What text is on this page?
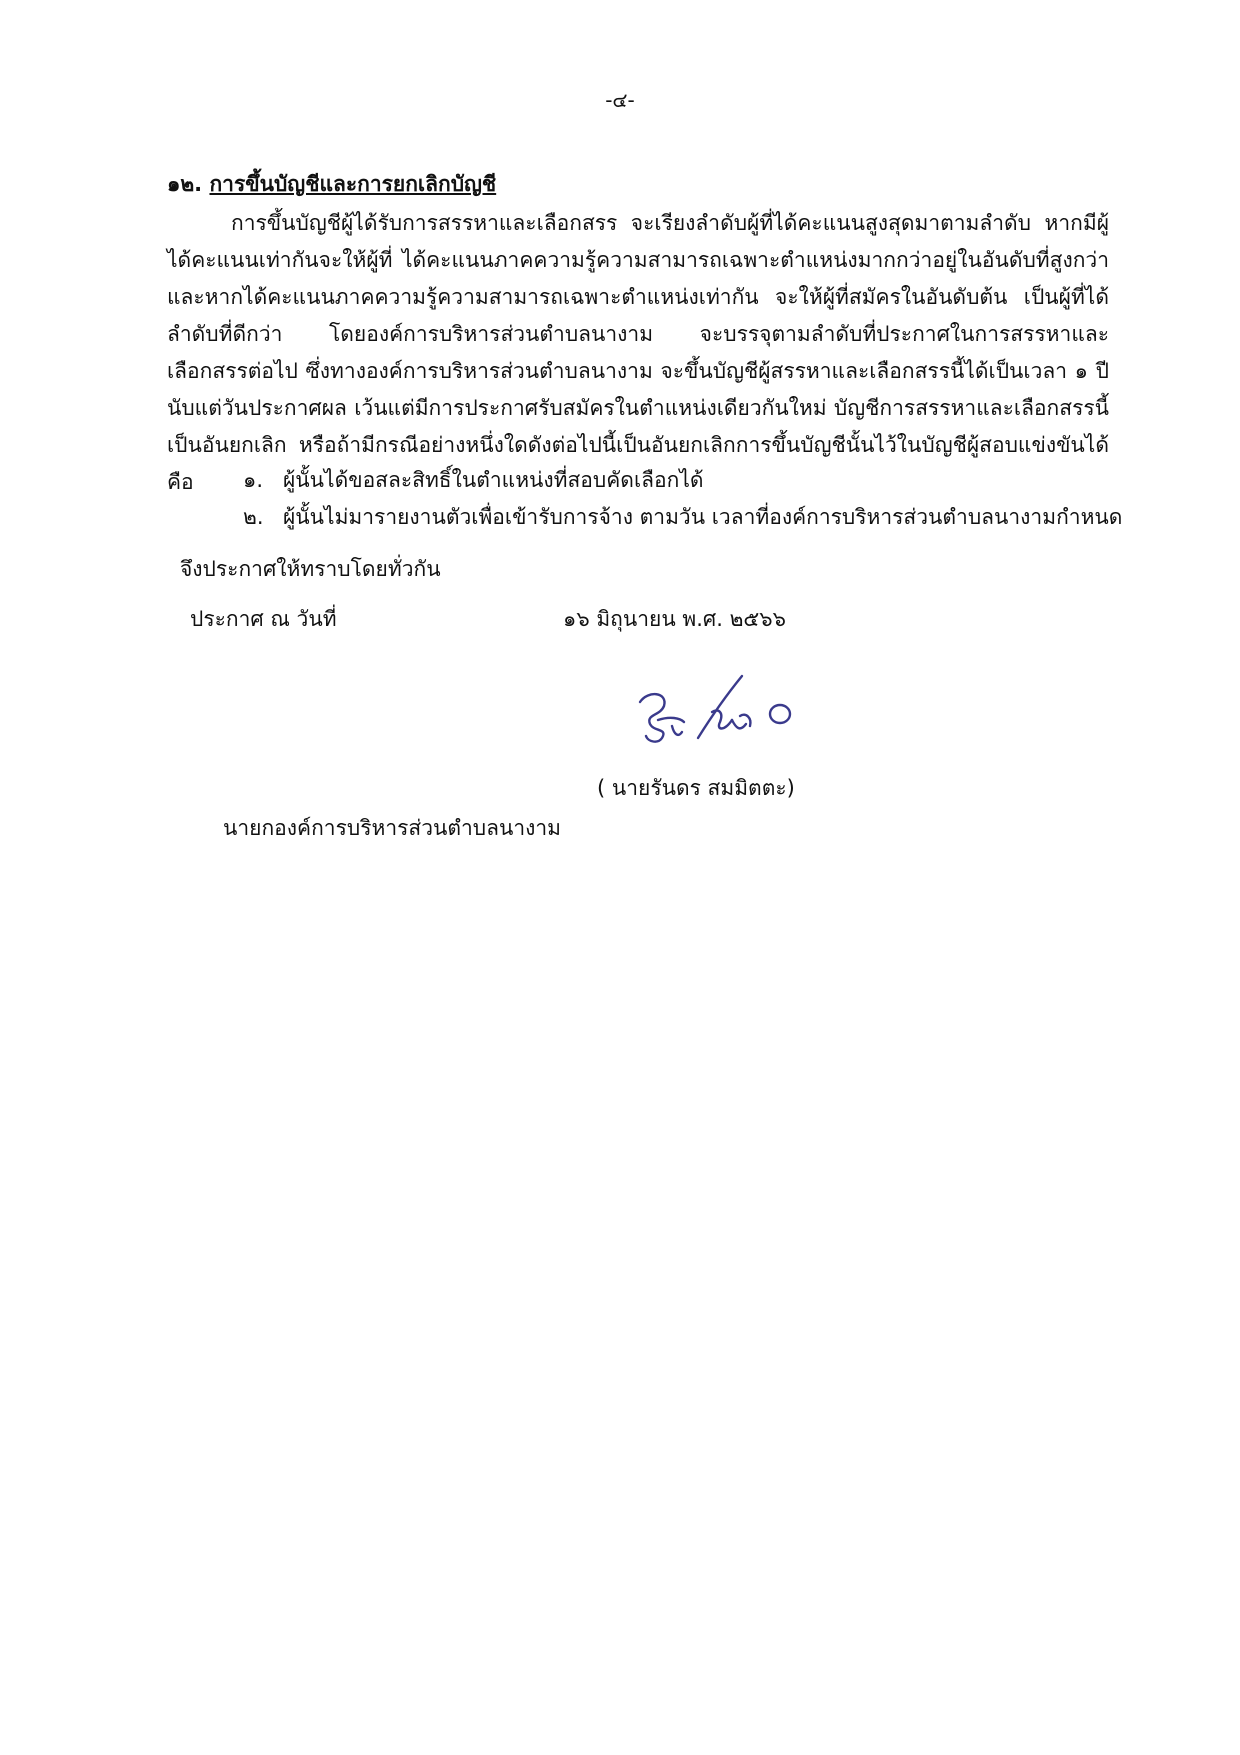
-๔-
๑๒. การขึ้นบัญชีและการยกเลิกบัญชี
การขึ้นบัญชีผู้ได้รับการสรรหาและเลือกสรร จะเรียงลำดับผู้ที่ได้คะแนนสูงสุดมาตามลำดับ หากมีผู้ได้คะแนนเท่ากันจะให้ผู้ที่ ได้คะแนนภาคความรู้ความสามารถเฉพาะตำแหน่งมากกว่าอยู่ในอันดับที่สูงกว่า และหากได้คะแนนภาคความรู้ความสามารถเฉพาะตำแหน่งเท่ากัน จะให้ผู้ที่สมัครในอันดับต้น เป็นผู้ที่ได้ลำดับที่ดีกว่า โดยองค์การบริหารส่วนตำบลนางาม จะบรรจุตามลำดับที่ประกาศในการสรรหาและเลือกสรรต่อไป ซึ่งทางองค์การบริหารส่วนตำบลนางาม จะขึ้นบัญชีผู้สรรหาและเลือกสรรนี้ได้เป็นเวลา ๑ ปี นับแต่วันประกาศผล เว้นแต่มีการประกาศรับสมัครในตำแหน่งเดียวกันใหม่ บัญชีการสรรหาและเลือกสรรนี้เป็นอันยกเลิก หรือถ้ามีกรณีอย่างหนึ่งใดดังต่อไปนี้เป็นอันยกเลิกการขึ้นบัญชีนั้นไว้ในบัญชีผู้สอบแข่งขันได้ คือ	๑. ผู้นั้นได้ขอสละสิทธิ์ในตำแหน่งที่สอบคัดเลือกได้
๒. ผู้นั้นไม่มารายงานตัวเพื่อเข้ารับการจ้าง ตามวัน เวลาที่องค์การบริหารส่วนตำบลนางามกำหนด
จึงประกาศให้ทราบโดยทั่วกัน
ประกาศ ณ วันที่	๑๖ มิถุนายน พ.ศ. ๒๕๖๖
( นายรันดร สมมิตตะ)
นายกองค์การบริหารส่วนตำบลนางาม
